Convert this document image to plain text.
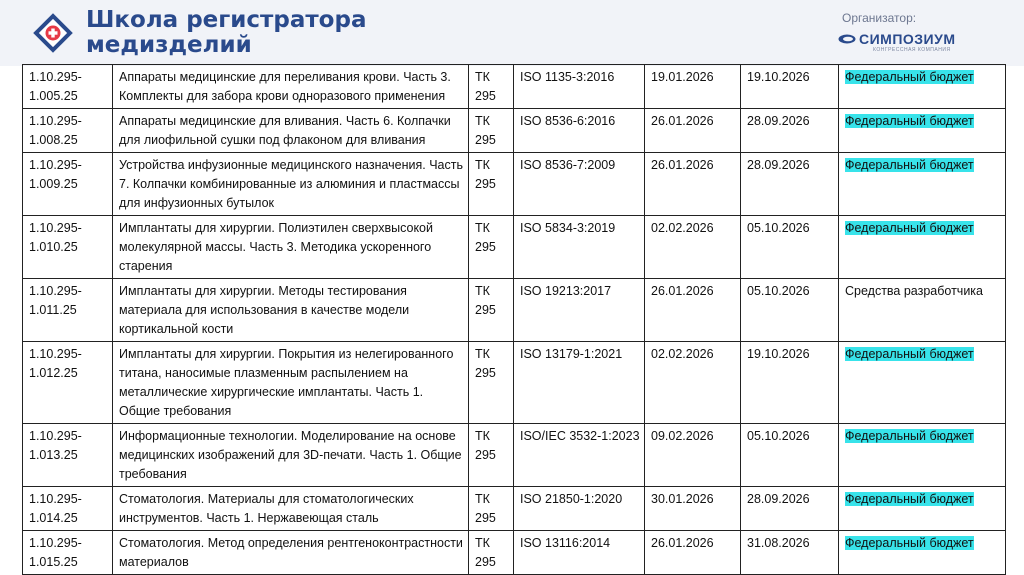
Школа регистратора
медизделий
Организатор:
СИМПОЗИУМ
КОНГРЕССНАЯ КОМПАНИЯ
1.10.295-
1.005.25	Аппараты медицинские для переливания крови. Часть 3. Комплекты для забора крови одноразового применения	ТК
295	ISO 1135-3:2016	19.01.2026	19.10.2026	Федеральный бюджет
1.10.295-
1.008.25	Аппараты медицинские для вливания. Часть 6. Колпачки для лиофильной сушки под флаконом для вливания	ТК
295	ISO 8536-6:2016	26.01.2026	28.09.2026	Федеральный бюджет
1.10.295-
1.009.25	Устройства инфузионные медицинского назначения. Часть 7. Колпачки комбинированные из алюминия и пластмассы для инфузионных бутылок	ТК
295	ISO 8536-7:2009	26.01.2026	28.09.2026	Федеральный бюджет
1.10.295-
1.010.25	Имплантаты для хирургии. Полиэтилен сверхвысокой молекулярной массы. Часть 3. Методика ускоренного старения	ТК
295	ISO 5834-3:2019	02.02.2026	05.10.2026	Федеральный бюджет
1.10.295-
1.011.25	Имплантаты для хирургии. Методы тестирования материала для использования в качестве модели кортикальной кости	ТК
295	ISO 19213:2017	26.01.2026	05.10.2026	Средства разработчика
1.10.295-
1.012.25	Имплантаты для хирургии. Покрытия из нелегированного титана, наносимые плазменным распылением на металлические хирургические имплантаты. Часть 1. Общие требования	ТК
295	ISO 13179-1:2021	02.02.2026	19.10.2026	Федеральный бюджет
1.10.295-
1.013.25	Информационные технологии. Моделирование на основе медицинских изображений для 3D-печати. Часть 1. Общие требования	ТК
295	ISO/IEC 3532-1:2023	09.02.2026	05.10.2026	Федеральный бюджет
1.10.295-
1.014.25	Стоматология. Материалы для стоматологических инструментов. Часть 1. Нержавеющая сталь	ТК
295	ISO 21850-1:2020	30.01.2026	28.09.2026	Федеральный бюджет
1.10.295-
1.015.25	Стоматология. Метод определения рентгеноконтрастности материалов	ТК
295	ISO 13116:2014	26.01.2026	31.08.2026	Федеральный бюджет
